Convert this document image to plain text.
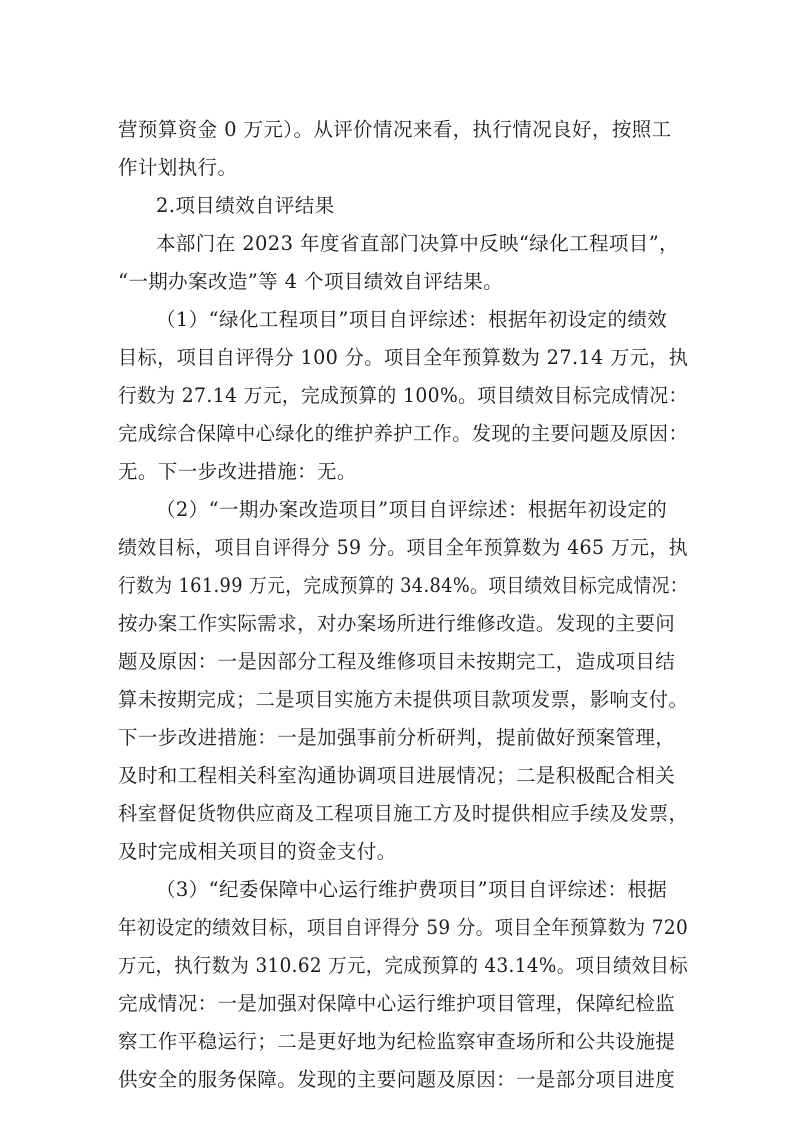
营预算资金 0 万元）。从评价情况来看，执行情况良好，按照工
作计划执行。
2.项目绩效自评结果
本部门在 2023 年度省直部门决算中反映“绿化工程项目”，
“一期办案改造”等 4 个项目绩效自评结果。
（1）“绿化工程项目”项目自评综述：根据年初设定的绩效
目标，项目自评得分 100 分。项目全年预算数为 27.14 万元，执
行数为 27.14 万元，完成预算的 100%。项目绩效目标完成情况：
完成综合保障中心绿化的维护养护工作。发现的主要问题及原因：
无。下一步改进措施：无。
（2）“一期办案改造项目”项目自评综述：根据年初设定的
绩效目标，项目自评得分 59 分。项目全年预算数为 465 万元，执
行数为 161.99 万元，完成预算的 34.84%。项目绩效目标完成情况：
按办案工作实际需求，对办案场所进行维修改造。发现的主要问
题及原因：一是因部分工程及维修项目未按期完工，造成项目结
算未按期完成；二是项目实施方未提供项目款项发票，影响支付。
下一步改进措施：一是加强事前分析研判，提前做好预案管理，
及时和工程相关科室沟通协调项目进展情况；二是积极配合相关
科室督促货物供应商及工程项目施工方及时提供相应手续及发票，
及时完成相关项目的资金支付。
（3）“纪委保障中心运行维护费项目”项目自评综述：根据
年初设定的绩效目标，项目自评得分 59 分。项目全年预算数为 720
万元，执行数为 310.62 万元，完成预算的 43.14%。项目绩效目标
完成情况：一是加强对保障中心运行维护项目管理，保障纪检监
察工作平稳运行；二是更好地为纪检监察审查场所和公共设施提
供安全的服务保障。发现的主要问题及原因：一是部分项目进度
